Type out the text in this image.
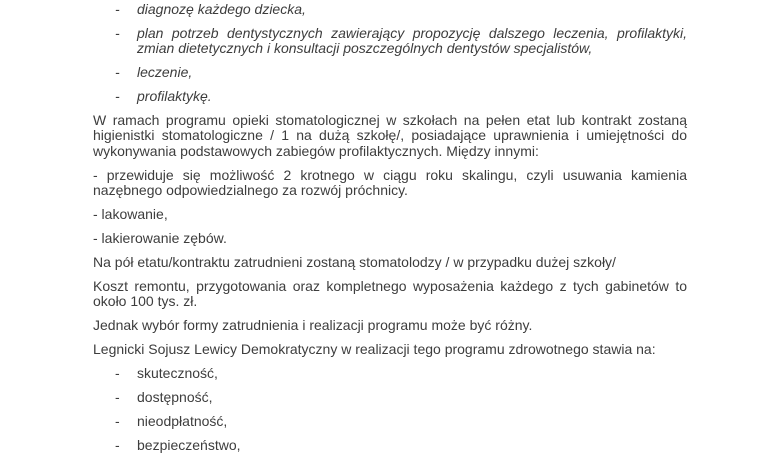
-	diagnozę każdego dziecka,
-	plan potrzeb dentystycznych zawierający propozycję dalszego leczenia, profilaktyki, zmian dietetycznych i konsultacji poszczególnych dentystów specjalistów,
-	leczenie,
-	profilaktykę.

W ramach programu opieki stomatologicznej w szkołach na pełen etat lub kontrakt zostaną higienistki stomatologiczne / 1 na dużą szkołę/, posiadające uprawnienia i umiejętności do wykonywania podstawowych zabiegów profilaktycznych. Między innymi:

- przewiduje się możliwość 2 krotnego w ciągu roku skalingu, czyli usuwania kamienia nazębnego odpowiedzialnego za rozwój próchnicy.

- lakowanie,

- lakierowanie zębów.

Na pół etatu/kontraktu zatrudnieni zostaną stomatolodzy / w przypadku dużej szkoły/

Koszt remontu, przygotowania oraz kompletnego wyposażenia każdego z tych gabinetów to około 100 tys. zł.

Jednak wybór formy zatrudnienia i realizacji programu może być różny.

Legnicki Sojusz Lewicy Demokratyczny w realizacji tego programu zdrowotnego stawia na:

-	skuteczność,
-	dostępność,
-	nieodpłatność,
-	bezpieczeństwo,
